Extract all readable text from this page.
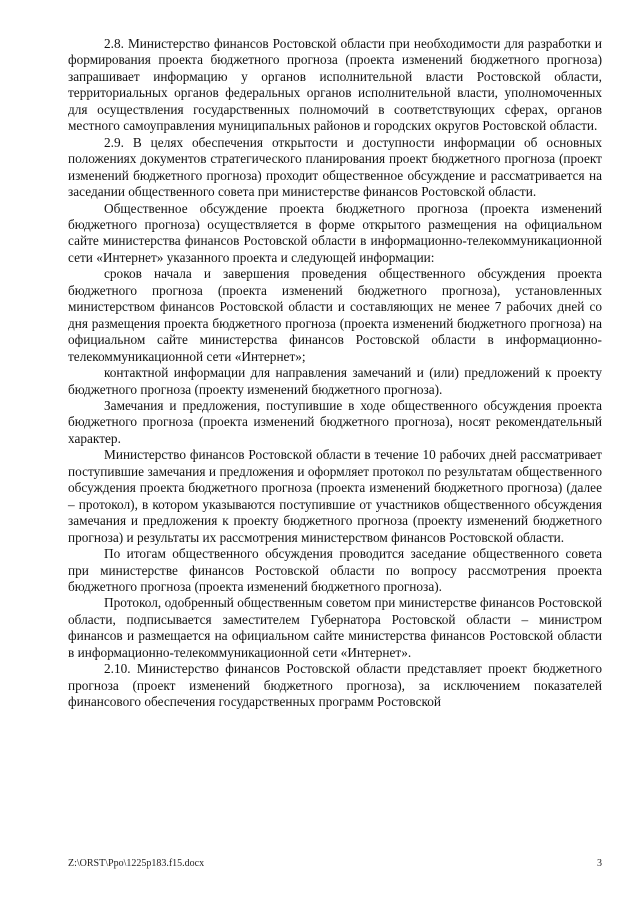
2.8. Министерство финансов Ростовской области при необходимости для разработки и формирования проекта бюджетного прогноза (проекта изменений бюджетного прогноза) запрашивает информацию у органов исполнительной власти Ростовской области, территориальных органов федеральных органов исполнительной власти, уполномоченных для осуществления государственных полномочий в соответствующих сферах, органов местного самоуправления муниципальных районов и городских округов Ростовской области.

2.9. В целях обеспечения открытости и доступности информации об основных положениях документов стратегического планирования проект бюджетного прогноза (проект изменений бюджетного прогноза) проходит общественное обсуждение и рассматривается на заседании общественного совета при министерстве финансов Ростовской области.

Общественное обсуждение проекта бюджетного прогноза (проекта изменений бюджетного прогноза) осуществляется в форме открытого размещения на официальном сайте министерства финансов Ростовской области в информационно-телекоммуникационной сети «Интернет» указанного проекта и следующей информации:

сроков начала и завершения проведения общественного обсуждения проекта бюджетного прогноза (проекта изменений бюджетного прогноза), установленных министерством финансов Ростовской области и составляющих не менее 7 рабочих дней со дня размещения проекта бюджетного прогноза (проекта изменений бюджетного прогноза) на официальном сайте министерства финансов Ростовской области в информационно-телекоммуникационной сети «Интернет»;

контактной информации для направления замечаний и (или) предложений к проекту бюджетного прогноза (проекту изменений бюджетного прогноза).

Замечания и предложения, поступившие в ходе общественного обсуждения проекта бюджетного прогноза (проекта изменений бюджетного прогноза), носят рекомендательный характер.

Министерство финансов Ростовской области в течение 10 рабочих дней рассматривает поступившие замечания и предложения и оформляет протокол по результатам общественного обсуждения проекта бюджетного прогноза (проекта изменений бюджетного прогноза) (далее – протокол), в котором указываются поступившие от участников общественного обсуждения замечания и предложения к проекту бюджетного прогноза (проекту изменений бюджетного прогноза) и результаты их рассмотрения министерством финансов Ростовской области.

По итогам общественного обсуждения проводится заседание общественного совета при министерстве финансов Ростовской области по вопросу рассмотрения проекта бюджетного прогноза (проекта изменений бюджетного прогноза).

Протокол, одобренный общественным советом при министерстве финансов Ростовской области, подписывается заместителем Губернатора Ростовской области – министром финансов и размещается на официальном сайте министерства финансов Ростовской области в информационно-телекоммуникационной сети «Интернет».

2.10. Министерство финансов Ростовской области представляет проект бюджетного прогноза (проект изменений бюджетного прогноза), за исключением показателей финансового обеспечения государственных программ Ростовской

Z:\ORST\Ppo\1225p183.f15.docx	3
